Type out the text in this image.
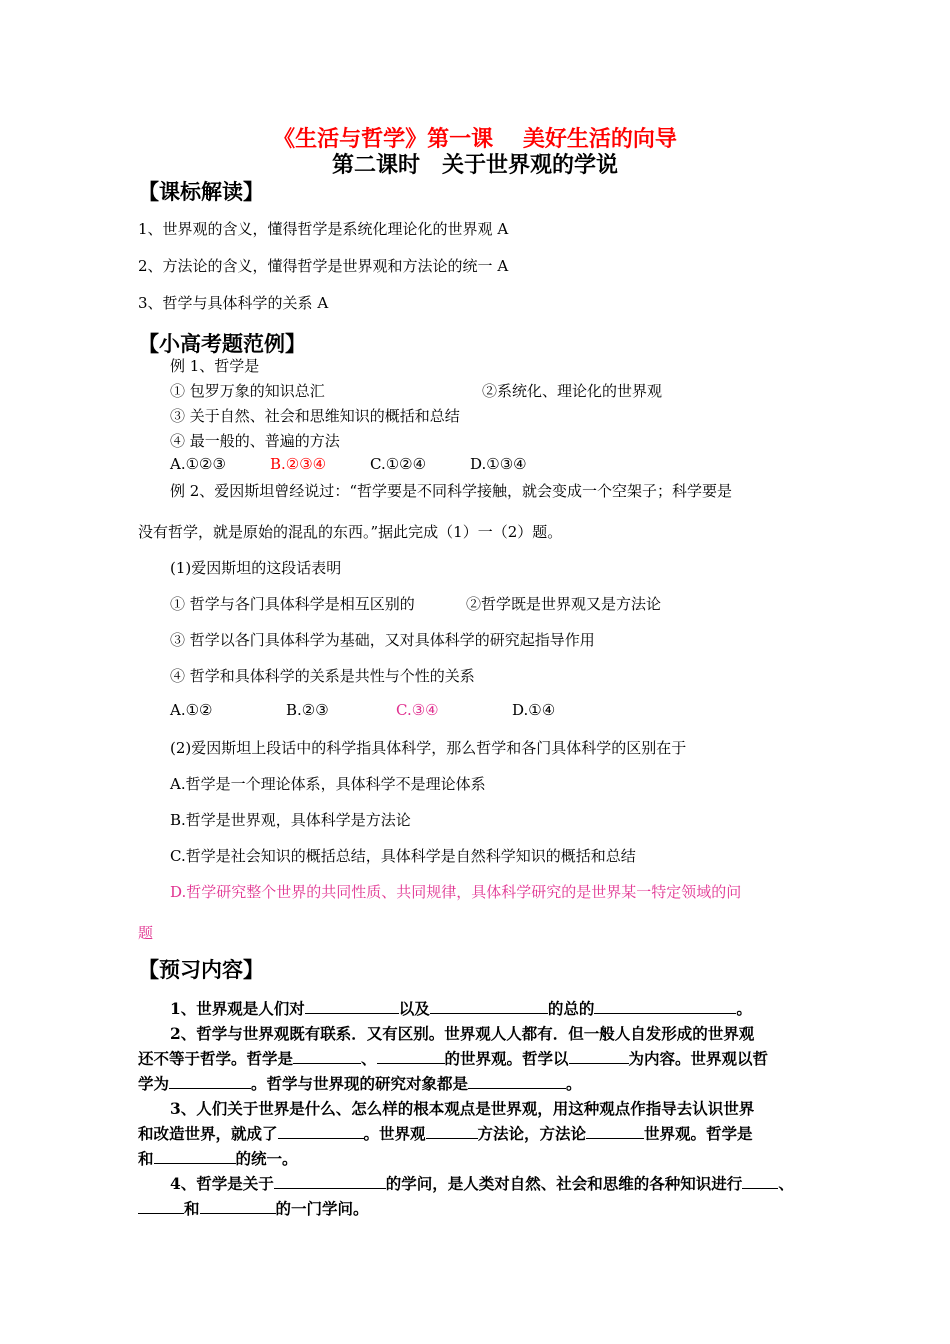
《生活与哲学》第一课　 美好生活的向导
第二课时　关于世界观的学说
【课标解读】
1、世界观的含义，懂得哲学是系统化理论化的世界观 A
2、方法论的含义，懂得哲学是世界观和方法论的统一 A
3、哲学与具体科学的关系 A
【小高考题范例】
例 1、哲学是
① 包罗万象的知识总汇	②系统化、理论化的世界观
③ 关于自然、社会和思维知识的概括和总结
④ 最一般的、普遍的方法
A.①②③	B.②③④	C.①②④	D.①③④
例 2、爱因斯坦曾经说过：“哲学要是不同科学接触，就会变成一个空架子；科学要是
没有哲学，就是原始的混乱的东西。”据此完成（1）一（2）题。
(1)爱因斯坦的这段话表明
① 哲学与各门具体科学是相互区别的	②哲学既是世界观又是方法论
③ 哲学以各门具体科学为基础，又对具体科学的研究起指导作用
④ 哲学和具体科学的关系是共性与个性的关系
A.①②	B.②③	C.③④	D.①④
(2)爱因斯坦上段话中的科学指具体科学，那么哲学和各门具体科学的区别在于
A.哲学是一个理论体系，具体科学不是理论体系
B.哲学是世界观，具体科学是方法论
C.哲学是社会知识的概括总结，具体科学是自然科学知识的概括和总结
D.哲学研究整个世界的共同性质、共同规律，具体科学研究的是世界某一特定领域的问
题
【预习内容】
1、世界观是人们对	以及	的总的	。
2、哲学与世界观既有联系．又有区别。世界观人人都有．但一般人自发形成的世界观
还不等于哲学。哲学是	、	的世界观。哲学以	为内容。世界观以哲
学为	。哲学与世界现的研究对象都是	。
3、人们关于世界是什么、怎么样的根本观点是世界观，用这种观点作指导去认识世界
和改造世界，就成了	。世界观	方法论，方法论	世界观。哲学是
和	的统一。
4、哲学是关于	的学问，是人类对自然、社会和思维的各种知识进行 、
和	的一门学问。
